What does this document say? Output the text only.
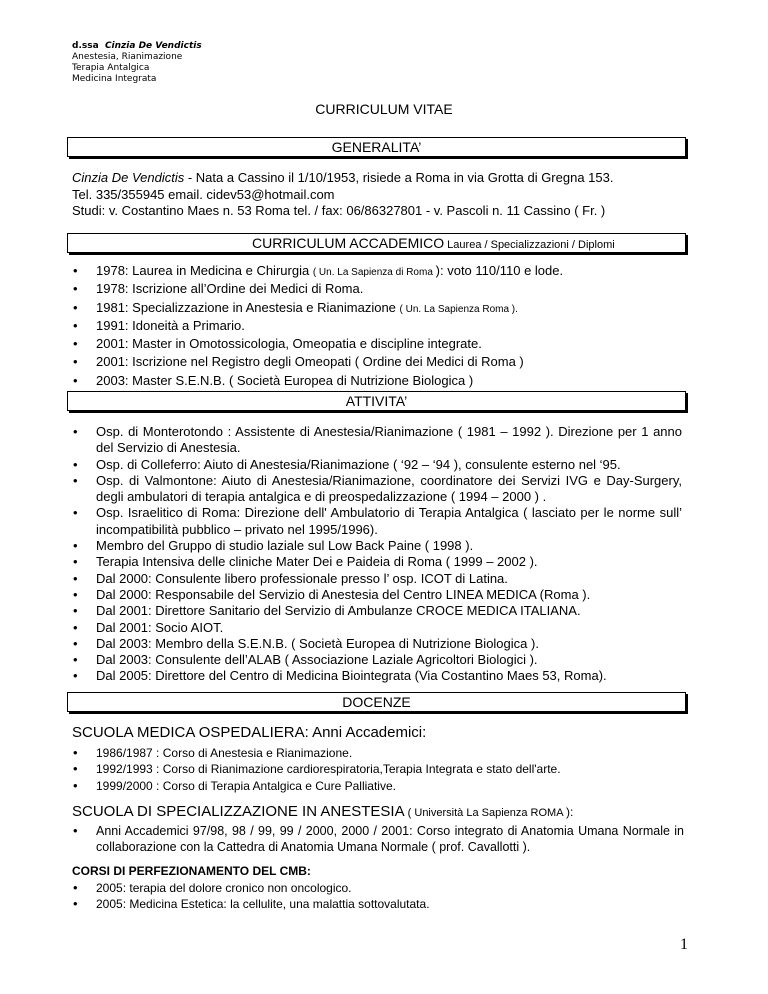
d.ssa Cinzia De Vendictis
Anestesia, Rianimazione
Terapia Antalgica
Medicina Integrata
CURRICULUM VITAE
GENERALITA’
Cinzia De Vendictis - Nata a Cassino il 1/10/1953, risiede a Roma in via Grotta di Gregna 153.
Tel. 335/355945 email. cidev53@hotmail.com
Studi: v. Costantino Maes n. 53 Roma tel. / fax: 06/86327801 - v. Pascoli n. 11 Cassino ( Fr. )
CURRICULUM ACCADEMICO Laurea / Specializzazioni / Diplomi
• 1978: Laurea in Medicina e Chirurgia ( Un. La Sapienza di Roma ): voto 110/110 e lode.
• 1978: Iscrizione all’Ordine dei Medici di Roma.
• 1981: Specializzazione in Anestesia e Rianimazione ( Un. La Sapienza Roma ).
• 1991: Idoneità a Primario.
• 2001: Master in Omotossicologia, Omeopatia e discipline integrate.
• 2001: Iscrizione nel Registro degli Omeopati ( Ordine dei Medici di Roma )
• 2003: Master S.E.N.B. ( Società Europea di Nutrizione Biologica )
ATTIVITA’
• Osp. di Monterotondo : Assistente di Anestesia/Rianimazione ( 1981 – 1992 ). Direzione per 1 anno del Servizio di Anestesia.
• Osp. di Colleferro: Aiuto di Anestesia/Rianimazione ( ‘92 – ‘94 ), consulente esterno nel ‘95.
• Osp. di Valmontone: Aiuto di Anestesia/Rianimazione, coordinatore dei Servizi IVG e Day-Surgery, degli ambulatori di terapia antalgica e di preospedalizzazione ( 1994 – 2000 ) .
• Osp. Israelitico di Roma: Direzione dell' Ambulatorio di Terapia Antalgica ( lasciato per le norme sull’ incompatibilità pubblico – privato nel 1995/1996).
• Membro del Gruppo di studio laziale sul Low Back Paine ( 1998 ).
• Terapia Intensiva delle cliniche Mater Dei e Paideia di Roma ( 1999 – 2002 ).
• Dal 2000: Consulente libero professionale presso l’ osp. ICOT di Latina.
• Dal 2000: Responsabile del Servizio di Anestesia del Centro LINEA MEDICA (Roma ).
• Dal 2001: Direttore Sanitario del Servizio di Ambulanze CROCE MEDICA ITALIANA.
• Dal 2001: Socio AIOT.
• Dal 2003: Membro della S.E.N.B. ( Società Europea di Nutrizione Biologica ).
• Dal 2003: Consulente dell’ALAB ( Associazione Laziale Agricoltori Biologici ).
• Dal 2005: Direttore del Centro di Medicina Biointegrata (Via Costantino Maes 53, Roma).
DOCENZE
SCUOLA MEDICA OSPEDALIERA: Anni Accademici:
• 1986/1987 : Corso di Anestesia e Rianimazione.
• 1992/1993 : Corso di Rianimazione cardiorespiratoria,Terapia Integrata e stato dell'arte.
• 1999/2000 : Corso di Terapia Antalgica e Cure Palliative.
SCUOLA DI SPECIALIZZAZIONE IN ANESTESIA ( Università La Sapienza ROMA ):
• Anni Accademici 97/98, 98 / 99, 99 / 2000, 2000 / 2001: Corso integrato di Anatomia Umana Normale in collaborazione con la Cattedra di Anatomia Umana Normale ( prof. Cavallotti ).
CORSI DI PERFEZIONAMENTO DEL CMB:
• 2005: terapia del dolore cronico non oncologico.
• 2005: Medicina Estetica: la cellulite, una malattia sottovalutata.
1
